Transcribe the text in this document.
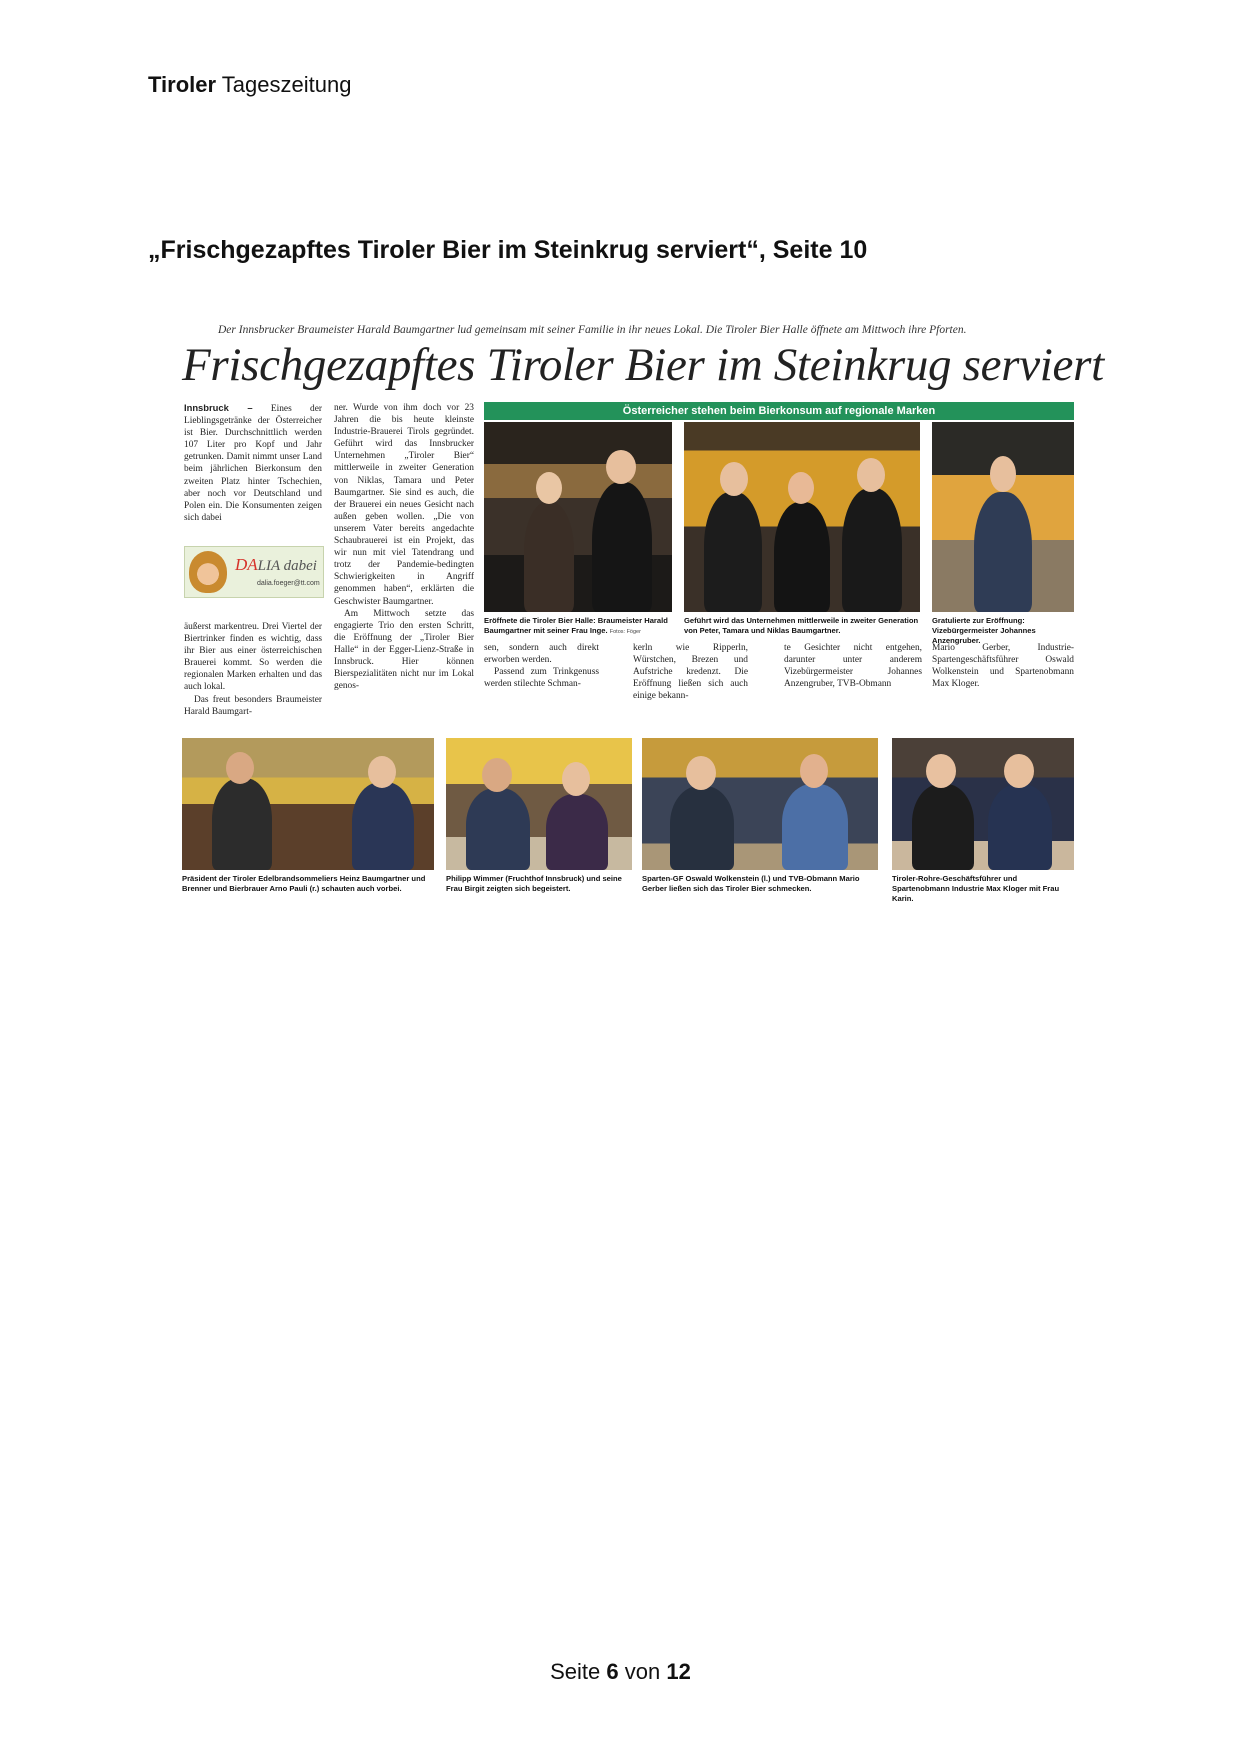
Tiroler Tageszeitung
„Frischgezapftes Tiroler Bier im Steinkrug serviert“, Seite 10
Der Innsbrucker Braumeister Harald Baumgartner lud gemeinsam mit seiner Familie in ihr neues Lokal. Die Tiroler Bier Halle öffnete am Mittwoch ihre Pforten.
Frischgezapftes Tiroler Bier im Steinkrug serviert
Innsbruck – Eines der Lieblingsgetränke der Österreicher ist Bier. Durchschnittlich werden 107 Liter pro Kopf und Jahr getrunken. Damit nimmt unser Land beim jährlichen Bierkonsum den zweiten Platz hinter Tschechien, aber noch vor Deutschland und Polen ein. Die Konsumenten zeigen sich dabei
DALIA dabei
dalia.foeger@tt.com
äußerst markentreu. Drei Viertel der Biertrinker finden es wichtig, dass ihr Bier aus einer österreichischen Brauerei kommt. So werden die regionalen Marken erhalten und das auch lokal.

Das freut besonders Braumeister Harald Baumgart-

ner. Wurde von ihm doch vor 23 Jahren die bis heute kleinste Industrie-Brauerei Tirols gegründet. Geführt wird das Innsbrucker Unternehmen „Tiroler Bier“ mittlerweile in zweiter Generation von Niklas, Tamara und Peter Baumgartner. Sie sind es auch, die der Brauerei ein neues Gesicht nach außen geben wollen. „Die von unserem Vater bereits angedachte Schaubrauerei ist ein Projekt, das wir nun mit viel Tatendrang und trotz der Pandemie-bedingten Schwierigkeiten in Angriff genommen haben“, erklärten die Geschwister Baumgartner.

Am Mittwoch setzte das engagierte Trio den ersten Schritt, die Eröffnung der „Tiroler Bier Halle“ in der Egger-Lienz-Straße in Innsbruck. Hier können Bierspezialitäten nicht nur im Lokal genos-

Österreicher stehen beim Bierkonsum auf regionale Marken
Eröffnete die Tiroler Bier Halle: Braumeister Harald Baumgartner mit seiner Frau Inge. Fotos: Föger
Geführt wird das Unternehmen mittlerweile in zweiter Generation von Peter, Tamara und Niklas Baumgartner.
Gratulierte zur Eröffnung: Vizebürgermeister Johannes Anzengruber.
sen, sondern auch direkt erworben werden.

Passend zum Trinkgenuss werden stilechte Schman-

kerln wie Ripperln, Würstchen, Brezen und Aufstriche kredenzt. Die Eröffnung ließen sich auch einige bekann-
te Gesichter nicht entgehen, darunter unter anderem Vizebürgermeister Johannes Anzengruber, TVB-Obmann
Mario Gerber, Industrie-Spartengeschäftsführer Oswald Wolkenstein und Spartenobmann Max Kloger.
Präsident der Tiroler Edelbrandsommeliers Heinz Baumgartner und Brenner und Bierbrauer Arno Pauli (r.) schauten auch vorbei.
Philipp Wimmer (Fruchthof Innsbruck) und seine Frau Birgit zeigten sich begeistert.
Sparten-GF Oswald Wolkenstein (l.) und TVB-Obmann Mario Gerber ließen sich das Tiroler Bier schmecken.
Tiroler-Rohre-Geschäftsführer und Spartenobmann Industrie Max Kloger mit Frau Karin.
Seite 6 von 12
